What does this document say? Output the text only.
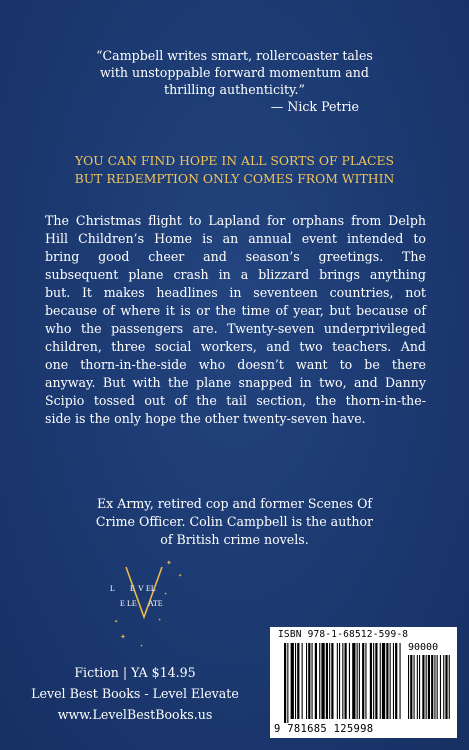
“Campbell writes smart, rollercoaster tales
with unstoppable forward momentum and
thrilling authenticity.”

— Nick Petrie
YOU CAN FIND HOPE IN ALL SORTS OF PLACES
BUT REDEMPTION ONLY COMES FROM WITHIN
The Christmas flight to Lapland for orphans from Delph
Hill Children’s Home is an annual event intended to
bring good cheer and season’s greetings. The
subsequent plane crash in a blizzard brings anything
but. It makes headlines in seventeen countries, not
because of where it is or the time of year, but because of
who the passengers are. Twenty-seven underprivileged
children, three social workers, and two teachers. And
one thorn-in-the-side who doesn’t want to be there
anyway. But with the plane snapped in two, and Danny
Scipio tossed out of the tail section, the thorn-in-the-
side is the only hope the other twenty-seven have.
Ex Army, retired cop and former Scenes Of
Crime Officer. Colin Campbell is the author
of British crime novels.
L E V EL
E LE ATE
✦
✦
✦	✦
✦
✦
✦
Fiction | YA $14.95
Level Best Books - Level Elevate
www.LevelBestBooks.us
ISBN 978-1-68512-599-8
90000
9 781685 125998
